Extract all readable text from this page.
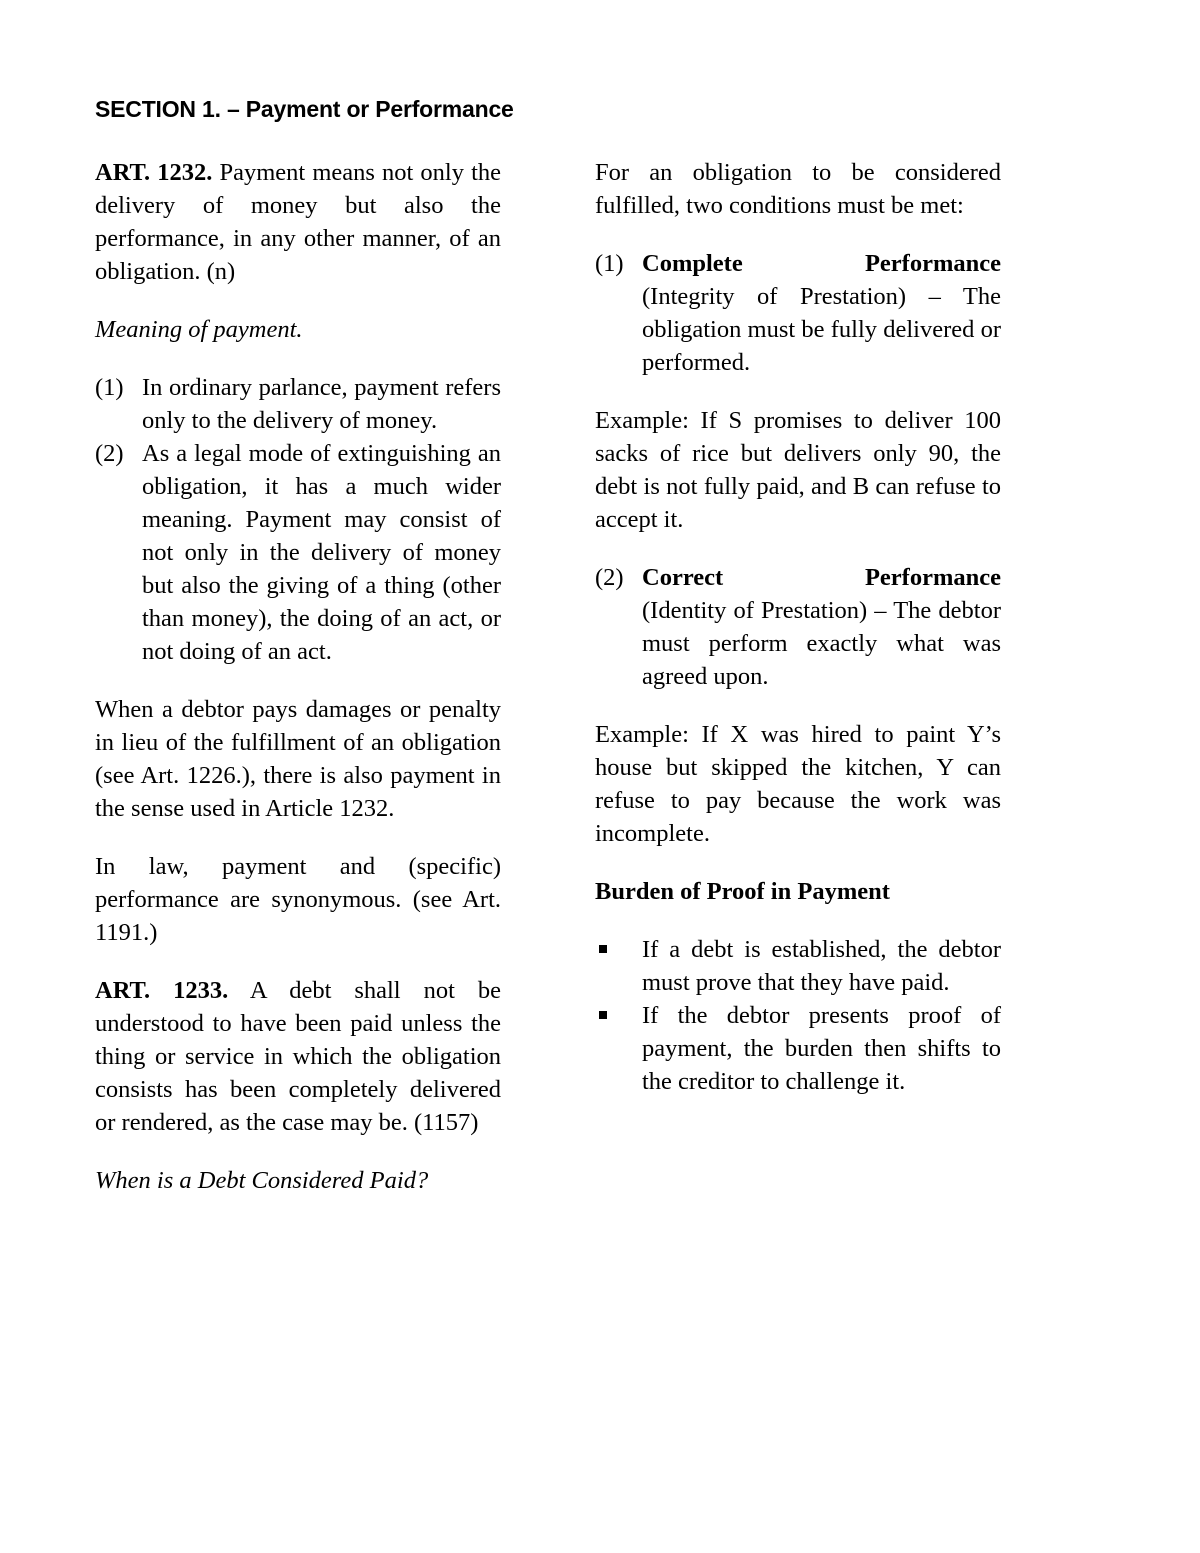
SECTION 1. – Payment or Performance

ART. 1232. Payment means not only the delivery of money but also the performance, in any other manner, of an obligation. (n)

Meaning of payment.

(1) In ordinary parlance, payment refers only to the delivery of money.
(2) As a legal mode of extinguishing an obligation, it has a much wider meaning. Payment may consist of not only in the delivery of money but also the giving of a thing (other than money), the doing of an act, or not doing of an act.

When a debtor pays damages or penalty in lieu of the fulfillment of an obligation (see Art. 1226.), there is also payment in the sense used in Article 1232.

In law, payment and (specific) performance are synonymous. (see Art. 1191.)

ART. 1233. A debt shall not be understood to have been paid unless the thing or service in which the obligation consists has been completely delivered or rendered, as the case may be. (1157)

When is a Debt Considered Paid?

For an obligation to be considered fulfilled, two conditions must be met:

(1) Complete	Performance
(Integrity of Prestation) – The obligation must be fully delivered or performed.

Example: If S promises to deliver 100 sacks of rice but delivers only 90, the debt is not fully paid, and B can refuse to accept it.

(2) Correct	Performance
(Identity of Prestation) – The debtor must perform exactly what was agreed upon.

Example: If X was hired to paint Y’s house but skipped the kitchen, Y can refuse to pay because the work was incomplete.

Burden of Proof in Payment

If a debt is established, the debtor must prove that they have paid.
If the debtor presents proof of payment, the burden then shifts to the creditor to challenge it.
